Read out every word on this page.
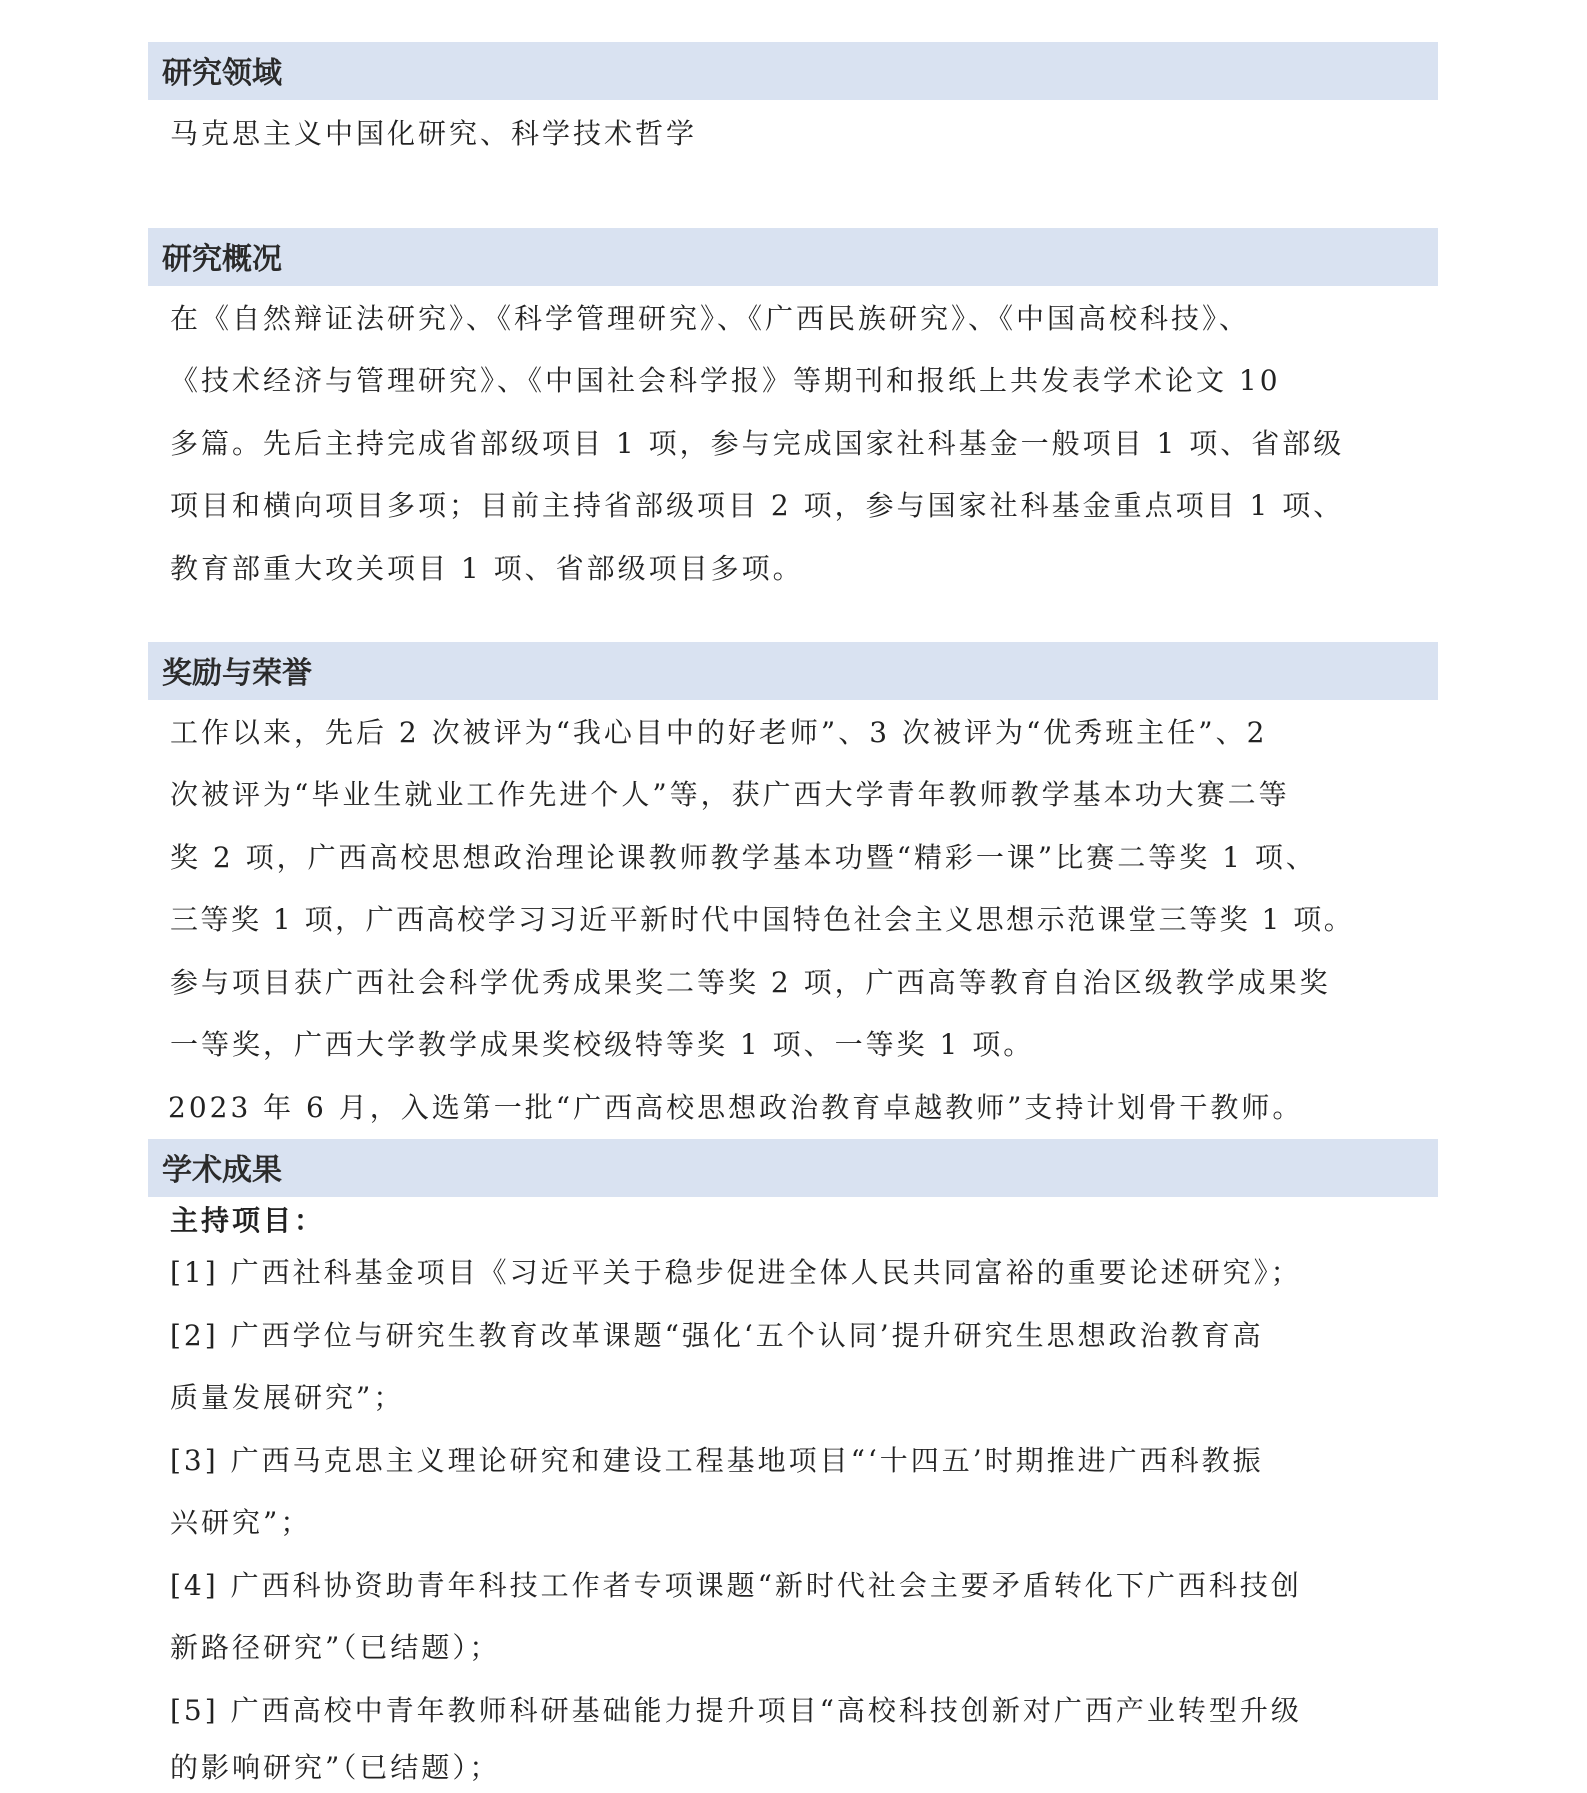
研究领域
马克思主义中国化研究、科学技术哲学
研究概况
在《自然辩证法研究》、《科学管理研究》、《广西民族研究》、《中国高校科技》、
《技术经济与管理研究》、《中国社会科学报》等期刊和报纸上共发表学术论文 10
多篇。先后主持完成省部级项目 1 项，参与完成国家社科基金一般项目 1 项、省部级
项目和横向项目多项；目前主持省部级项目 2 项，参与国家社科基金重点项目 1 项、
教育部重大攻关项目 1 项、省部级项目多项。
奖励与荣誉
工作以来，先后 2 次被评为“我心目中的好老师”、3 次被评为“优秀班主任”、2
次被评为“毕业生就业工作先进个人”等，获广西大学青年教师教学基本功大赛二等
奖 2 项，广西高校思想政治理论课教师教学基本功暨“精彩一课”比赛二等奖 1 项、
三等奖 1 项，广西高校学习习近平新时代中国特色社会主义思想示范课堂三等奖 1 项。
参与项目获广西社会科学优秀成果奖二等奖 2 项，广西高等教育自治区级教学成果奖
一等奖，广西大学教学成果奖校级特等奖 1 项、一等奖 1 项。
2023 年 6 月，入选第一批“广西高校思想政治教育卓越教师”支持计划骨干教师。
学术成果
主持项目：
[1] 广西社科基金项目《习近平关于稳步促进全体人民共同富裕的重要论述研究》；
[2] 广西学位与研究生教育改革课题“强化‘五个认同’提升研究生思想政治教育高
质量发展研究”；
[3] 广西马克思主义理论研究和建设工程基地项目“‘十四五’时期推进广西科教振
兴研究”；
[4] 广西科协资助青年科技工作者专项课题“新时代社会主要矛盾转化下广西科技创
新路径研究”（已结题）；
[5] 广西高校中青年教师科研基础能力提升项目“高校科技创新对广西产业转型升级
的影响研究”（已结题）；
